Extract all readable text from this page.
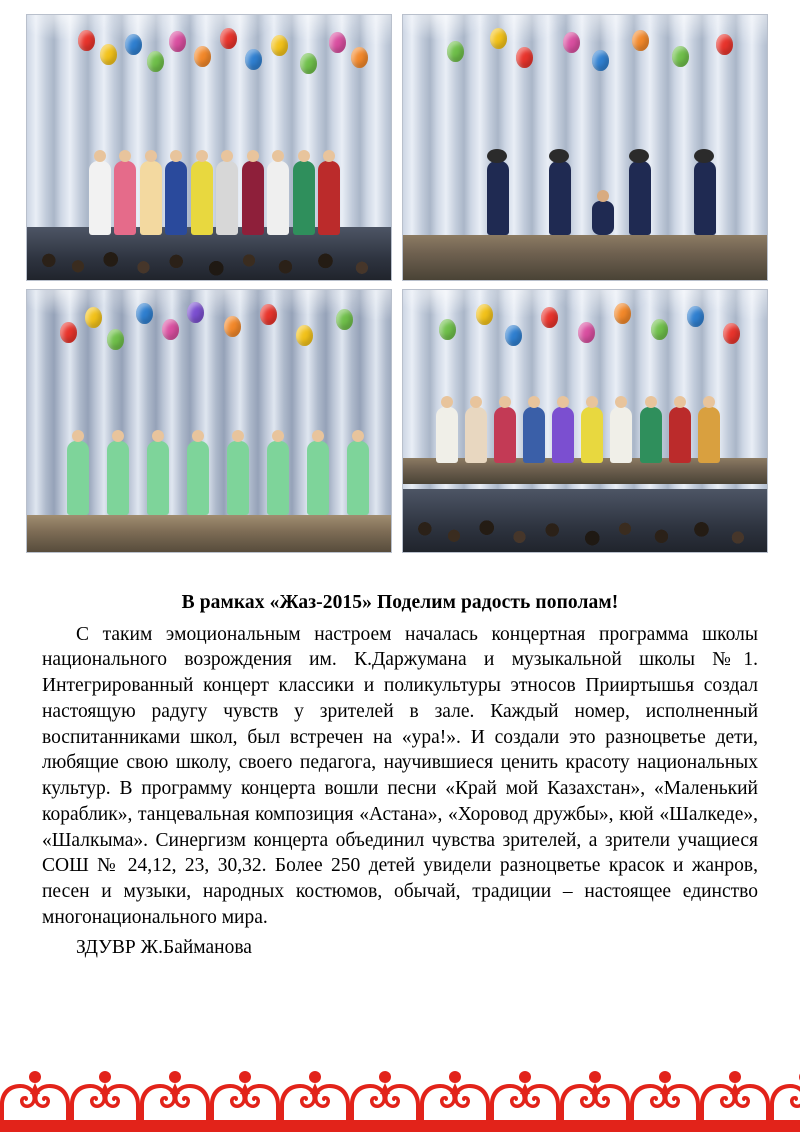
В рамках «Жаз-2015» Поделим радость пополам!

С таким эмоциональным настроем началась концертная программа школы национального возрождения им. К.Даржумана и музыкальной школы №1. Интегрированный концерт классики и поликультуры этносов Прииртышья создал настоящую радугу чувств у зрителей в зале. Каждый номер, исполненный воспитанниками школ, был встречен на «ура!». И создали это разноцветье дети, любящие свою школу, своего педагога, научившиеся ценить красоту национальных культур. В программу концерта вошли песни «Край мой Казахстан», «Маленький кораблик», танцевальная композиция «Астана», «Хоровод дружбы», кюй «Шалкеде», «Шалкыма». Синергизм концерта объединил чувства зрителей, а зрители учащиеся СОШ № 24,12, 23, 30,32. Более 250 детей увидели разноцветье красок и жанров, песен и музыки, народных костюмов, обычай, традиции – настоящее единство многонационального мира.

ЗДУВР Ж.Байманова
